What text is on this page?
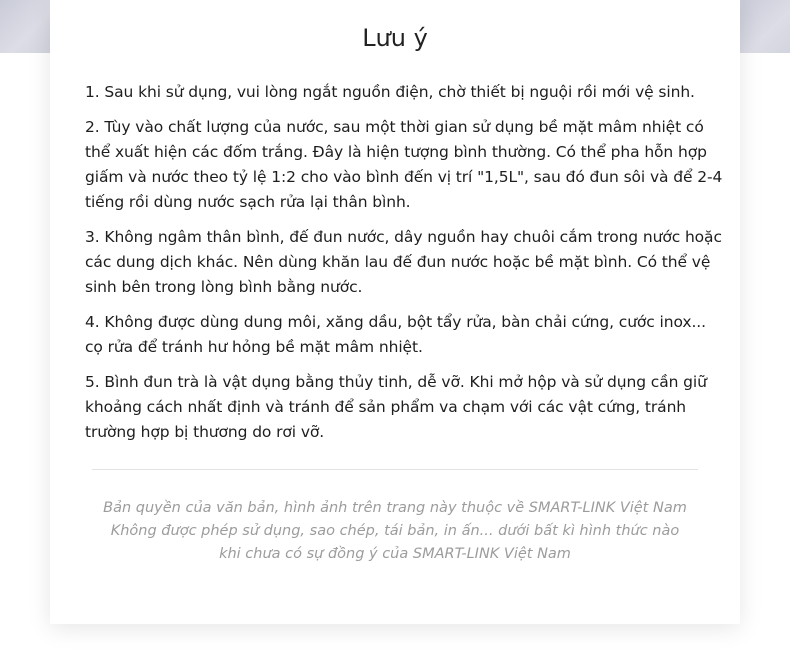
Lưu ý
1. Sau khi sử dụng, vui lòng ngắt nguồn điện, chờ thiết bị nguội rồi mới vệ sinh.
2. Tùy vào chất lượng của nước, sau một thời gian sử dụng bề mặt mâm nhiệt có thể xuất hiện các đốm trắng. Đây là hiện tượng bình thường. Có thể pha hỗn hợp giấm và nước theo tỷ lệ 1:2 cho vào bình đến vị trí "1,5L", sau đó đun sôi và để 2-4 tiếng rồi dùng nước sạch rửa lại thân bình.
3. Không ngâm thân bình, đế đun nước, dây nguồn hay chuôi cắm trong nước hoặc các dung dịch khác. Nên dùng khăn lau đế đun nước hoặc bề mặt bình. Có thể vệ sinh bên trong lòng bình bằng nước.
4. Không được dùng dung môi, xăng dầu, bột tẩy rửa, bàn chải cứng, cước inox... cọ rửa để tránh hư hỏng bề mặt mâm nhiệt.
5. Bình đun trà là vật dụng bằng thủy tinh, dễ vỡ. Khi mở hộp và sử dụng cần giữ khoảng cách nhất định và tránh để sản phẩm va chạm với các vật cứng, tránh trường hợp bị thương do rơi vỡ.
Bản quyền của văn bản, hình ảnh trên trang này thuộc về SMART-LINK Việt Nam
Không được phép sử dụng, sao chép, tái bản, in ấn... dưới bất kì hình thức nào
khi chưa có sự đồng ý của SMART-LINK Việt Nam
